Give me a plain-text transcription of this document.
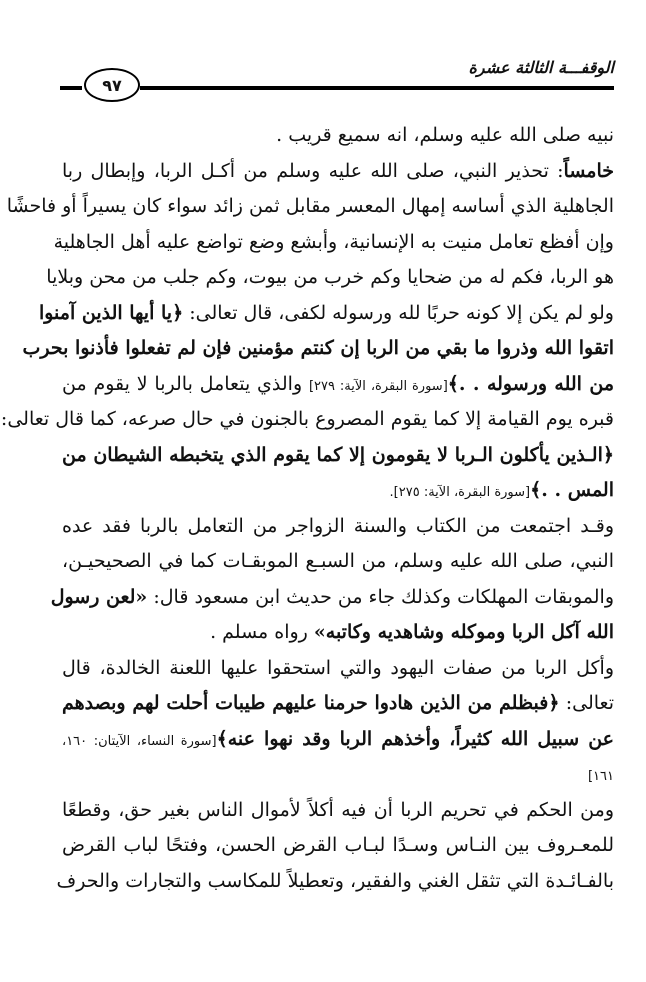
٩٧
الوقفـــة الثالثة عشرة
نبيه صلى الله عليه وسلم، انه سميع قريب .
خامساً: تحذير النبي، صلى الله عليه وسلم من أكـل الربا، وإبطال ربا
الجاهلية الذي أساسه إمهال المعسر مقابل ثمن زائد سواء كان يسيراً أو فاحشًا
وإن أفظع تعامل منيت به الإنسانية، وأبشع وضع تواضع عليه أهل الجاهلية
هو الربا، فكم له من ضحايا وكم خرب من بيوت، وكم جلب من محن وبلايا
ولو لم يكن إلا كونه حربًا لله ورسوله لكفى، قال تعالى: ﴿يا أيها الذين آمنوا
اتقوا الله وذروا ما بقي من الربا إن كنتم مؤمنين فإن لم تفعلوا فأذنوا بحرب
من الله ورسوله . .﴾[سورة البقرة، الآية: ٢٧٩] والذي يتعامل بالربا لا يقوم من
قبره يوم القيامة إلا كما يقوم المصروع بالجنون في حال صرعه، كما قال تعالى:
﴿الـذين يأكلون الـربا لا يقومون إلا كما يقوم الذي يتخبطه الشيطان من
المس . .﴾[سورة البقرة، الآية: ٢٧٥].
وقـد اجتمعت من الكتاب والسنة الزواجر من التعامل بالربا فقد عده
النبي، صلى الله عليه وسلم، من السبـع الموبقـات كما في الصحيحيـن،
والموبقات المهلكات وكذلك جاء من حديث ابن مسعود قال: «لعن رسول
الله آكل الربا وموكله وشاهديه وكاتبه» رواه مسلم .
وأكل الربا من صفات اليهود والتي استحقوا عليها اللعنة الخالدة، قال
تعالى: ﴿فبظلم من الذين هادوا حرمنا عليهم طيبات أحلت لهم وبصدهم
عن سبيل الله كثيراً، وأخذهم الربا وقد نهوا عنه﴾[سورة النساء، الآيتان: ١٦٠،
١٦١]
ومن الحكم في تحريم الربا أن فيه أكلاً لأموال الناس بغير حق، وقطعًا
للمعـروف بين النـاس وسـدًا لبـاب القرض الحسن، وفتحًا لباب القرض
بالفـائـدة التي تثقل الغني والفقير، وتعطيلاً للمكاسب والتجارات والحرف
